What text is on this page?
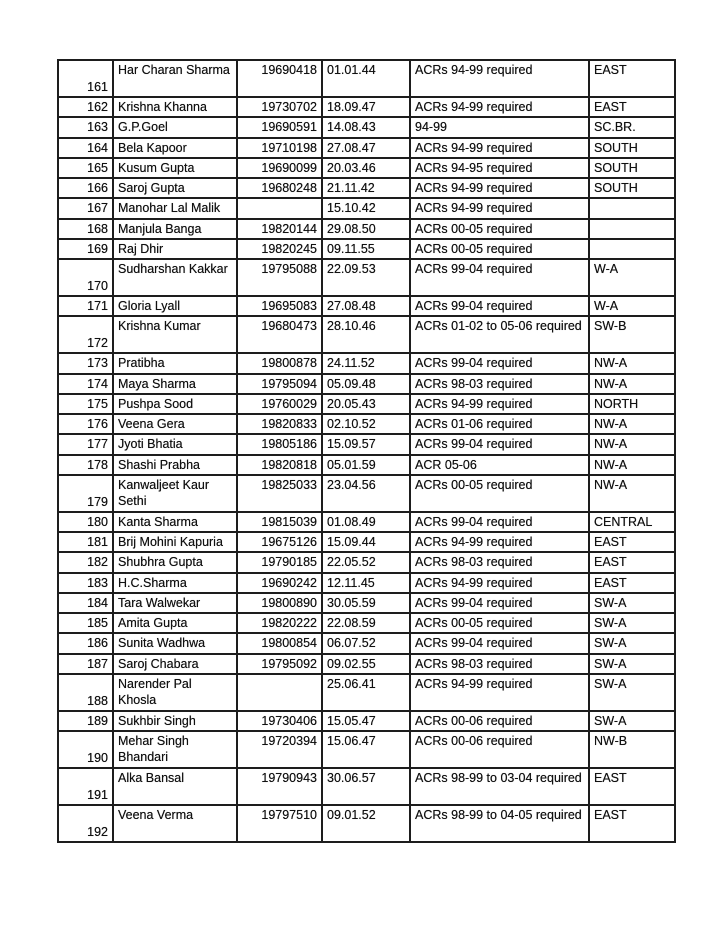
161	Har Charan Sharma	19690418	01.01.44	ACRs 94-99 required	EAST
162	Krishna Khanna	19730702	18.09.47	ACRs 94-99 required	EAST
163	G.P.Goel	19690591	14.08.43	94-99	SC.BR.
164	Bela Kapoor	19710198	27.08.47	ACRs 94-99 required	SOUTH
165	Kusum Gupta	19690099	20.03.46	ACRs 94-95 required	SOUTH
166	Saroj Gupta	19680248	21.11.42	ACRs 94-99 required	SOUTH
167	Manohar Lal Malik		15.10.42	ACRs 94-99 required	
168	Manjula Banga	19820144	29.08.50	ACRs 00-05 required	
169	Raj Dhir	19820245	09.11.55	ACRs 00-05 required	
170	Sudharshan Kakkar	19795088	22.09.53	ACRs 99-04 required	W-A
171	Gloria Lyall	19695083	27.08.48	ACRs 99-04 required	W-A
172	Krishna Kumar	19680473	28.10.46	ACRs 01-02 to 05-06 required	SW-B
173	Pratibha	19800878	24.11.52	ACRs 99-04 required	NW-A
174	Maya Sharma	19795094	05.09.48	ACRs 98-03 required	NW-A
175	Pushpa Sood	19760029	20.05.43	ACRs 94-99 required	NORTH
176	Veena Gera	19820833	02.10.52	ACRs 01-06 required	NW-A
177	Jyoti Bhatia	19805186	15.09.57	ACRs 99-04 required	NW-A
178	Shashi Prabha	19820818	05.01.59	ACR 05-06	NW-A
179	Kanwaljeet Kaur Sethi	19825033	23.04.56	ACRs 00-05 required	NW-A
180	Kanta Sharma	19815039	01.08.49	ACRs 99-04 required	CENTRAL
181	Brij Mohini Kapuria	19675126	15.09.44	ACRs 94-99 required	EAST
182	Shubhra Gupta	19790185	22.05.52	ACRs 98-03 required	EAST
183	H.C.Sharma	19690242	12.11.45	ACRs 94-99 required	EAST
184	Tara Walwekar	19800890	30.05.59	ACRs 99-04 required	SW-A
185	Amita Gupta	19820222	22.08.59	ACRs 00-05 required	SW-A
186	Sunita Wadhwa	19800854	06.07.52	ACRs 99-04 required	SW-A
187	Saroj Chabara	19795092	09.02.55	ACRs 98-03 required	SW-A
188	Narender Pal Khosla		25.06.41	ACRs 94-99 required	SW-A
189	Sukhbir Singh	19730406	15.05.47	ACRs 00-06 required	SW-A
190	Mehar Singh Bhandari	19720394	15.06.47	ACRs 00-06 required	NW-B
191	Alka Bansal	19790943	30.06.57	ACRs 98-99 to 03-04 required	EAST
192	Veena Verma	19797510	09.01.52	ACRs 98-99 to 04-05 required	EAST
